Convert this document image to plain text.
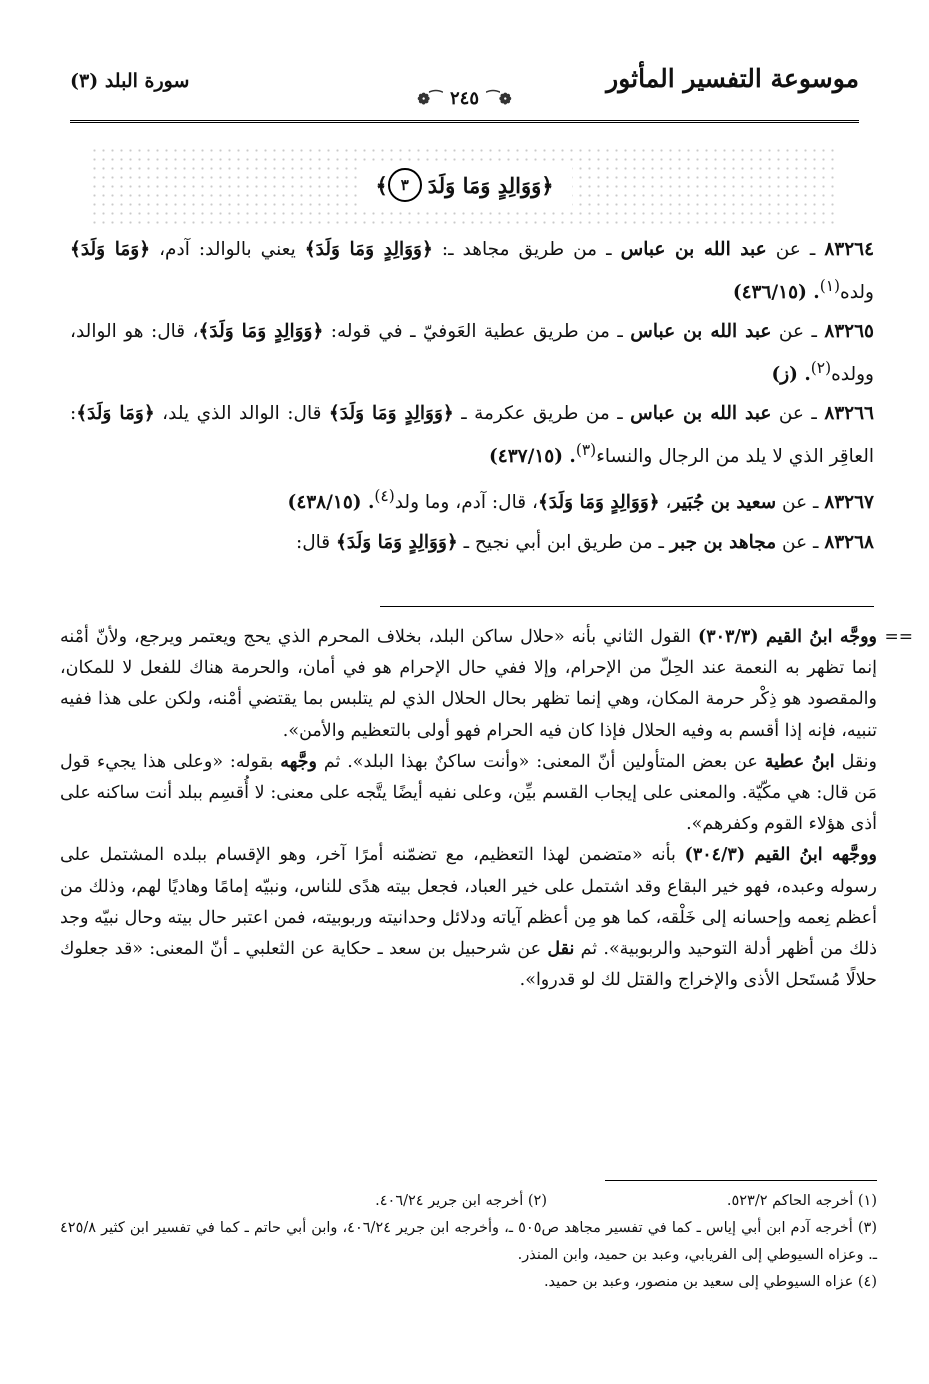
موسوعة التفسير المأثور
❁⁀٢٤٥⁀❁
سورة البلد (٣)
﴿وَوَالِدٍ وَمَا وَلَدَ
٣
﴾
٨٣٢٦٤ ـ عن عبد الله بن عباس ـ من طريق مجاهد ـ: ﴿وَوَالِدٍ وَمَا وَلَدَ﴾ يعني بالوالد: آدم، ﴿وَمَا وَلَدَ﴾ ولده$^{(١)}$. (٤٣٦/١٥)
٨٣٢٦٥ ـ عن عبد الله بن عباس ـ من طريق عطية العَوفيّ ـ في قوله: ﴿وَوَالِدٍ وَمَا وَلَدَ﴾، قال: هو الوالد، وولده$^{(٢)}$. (ز)
٨٣٢٦٦ ـ عن عبد الله بن عباس ـ من طريق عكرمة ـ ﴿وَوَالِدٍ وَمَا وَلَدَ﴾ قال: الوالد الذي يلد، ﴿وَمَا وَلَدَ﴾: العاقِر الذي لا يلد من الرجال والنساء$^{(٣)}$. (٤٣٧/١٥)
٨٣٢٦٧ ـ عن سعيد بن جُبَير، ﴿وَوَالِدٍ وَمَا وَلَدَ﴾، قال: آدم، وما ولد$^{(٤)}$. (٤٣٨/١٥)
٨٣٢٦٨ ـ عن مجاهد بن جبر ـ من طريق ابن أبي نجيح ـ ﴿وَوَالِدٍ وَمَا وَلَدَ﴾ قال:
==

ووجَّه ابنُ القيم (٣٠٣/٣) القول الثاني بأنه «حلال ساكن البلد، بخلاف المحرم الذي يحج ويعتمر ويرجع، ولأنّ أمْنه إنما تظهر به النعمة عند الحِلّ من الإحرام، وإلا ففي حال الإحرام هو في أمان، والحرمة هناك للفعل لا للمكان، والمقصود هو ذِكْر حرمة المكان، وهي إنما تظهر بحال الحلال الذي لم يتلبس بما يقتضي أمْنه، ولكن على هذا ففيه تنبيه، فإنه إذا أقسم به وفيه الحلال فإذا كان فيه الحرام فهو أولى بالتعظيم والأمن».

ونقل ابنُ عطية عن بعض المتأولين أنّ المعنى: «وأنت ساكنٌ بهذا البلد». ثم وجَّهه بقوله: «وعلى هذا يجيء قول مَن قال: هي مكّيّة. والمعنى على إيجاب القسم بيِّن، وعلى نفيه أيضًا يتَّجه على معنى: لا أُقسِم ببلد أنت ساكنه على أذى هؤلاء القوم وكفرهم».

ووجَّهه ابنُ القيم (٣٠٤/٣) بأنه «متضمن لهذا التعظيم، مع تضمّنه أمرًا آخر، وهو الإقسام ببلده المشتمل على رسوله وعبده، فهو خير البقاع وقد اشتمل على خير العباد، فجعل بيته هدًى للناس، ونبيّه إمامًا وهاديًا لهم، وذلك من أعظم نِعمه وإحسانه إلى خَلْقه، كما هو مِن أعظم آياته ودلائل وحدانيته وربوبيته، فمن اعتبر حال بيته وحال نبيّه وجد ذلك من أظهر أدلة التوحيد والربوبية». ثم نقل عن شرحبيل بن سعد ـ حكاية عن الثعلبي ـ أنّ المعنى: «قد جعلوك حلالًا مُستَحل الأذى والإخراج والقتل لك لو قدروا».

(١) أخرجه الحاكم ٥٢٣/٢.
(٢) أخرجه ابن جرير ٤٠٦/٢٤.
(٣) أخرجه آدم ابن أبي إياس ـ كما في تفسير مجاهد ص٥٠٥ ـ، وأخرجه ابن جرير ٤٠٦/٢٤، وابن أبي حاتم ـ كما في تفسير ابن كثير ٤٢٥/٨ ـ. وعزاه السيوطي إلى الفريابي، وعبد بن حميد، وابن المنذر.
(٤) عزاه السيوطي إلى سعيد بن منصور، وعبد بن حميد.
